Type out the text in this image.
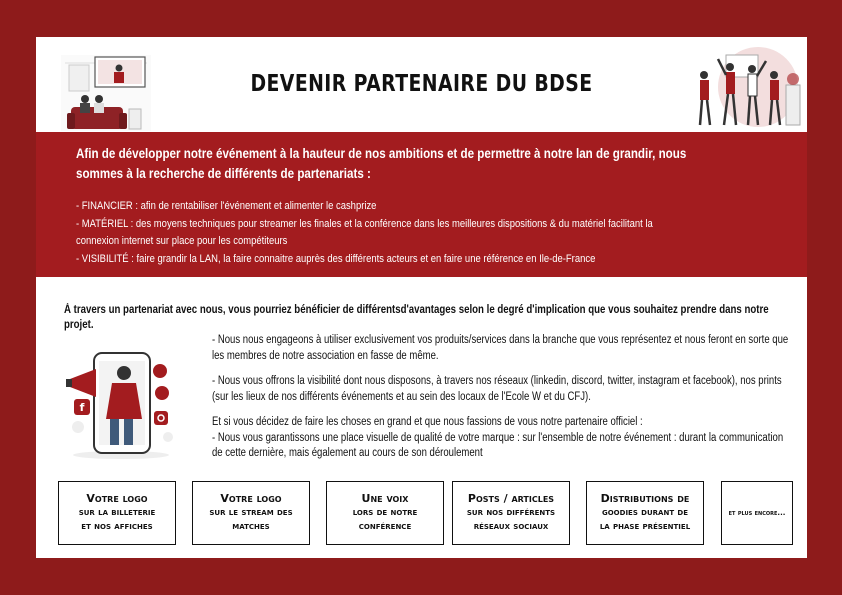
DEVENIR PARTENAIRE DU BDSE
Afin de développer notre événement à la hauteur de nos ambitions et de permettre à notre lan de grandir, nous sommes à la recherche de différents de partenariats :
- FINANCIER : afin de rentabiliser l'événement et alimenter le cashprize
- MATÉRIEL : des moyens techniques pour streamer les finales et la conférence dans les meilleures dispositions & du matériel facilitant la
connexion internet sur place pour les compétiteurs
- VISIBILITÉ : faire grandir la LAN, la faire connaitre auprès des différents acteurs et en faire une référence en Ile-de-France
À travers un partenariat avec nous, vous pourriez bénéficier de différentsd'avantages selon le degré d'implication que vous souhaitez prendre dans notre projet.
f

- Nous nous engageons à utiliser exclusivement vos produits/services dans la branche que vous représentez et nous feront en sorte que les membres de notre association en fasse de même.

- Nous vous offrons la visibilité dont nous disposons, à travers nos réseaux (linkedin, discord, twitter, instagram et facebook), nos prints (sur les lieux de nos différents événements et au sein des locaux de l'Ecole W et du CFJ).

Et si vous décidez de faire les choses en grand et que nous fassions de vous notre partenaire officiel :

- Nous vous garantissons une place visuelle de qualité de votre marque : sur l'ensemble de notre événement : durant la communication de cette dernière, mais également au cours de son déroulement

Votre logo
sur la billeterie
et nos affiches
Votre logo
sur le stream des
matches
Une voix
lors de notre
conférence
Posts / articles
sur nos différents
réseaux sociaux
Distributions de
goodies durant de
la phase présentiel
et plus encore...
